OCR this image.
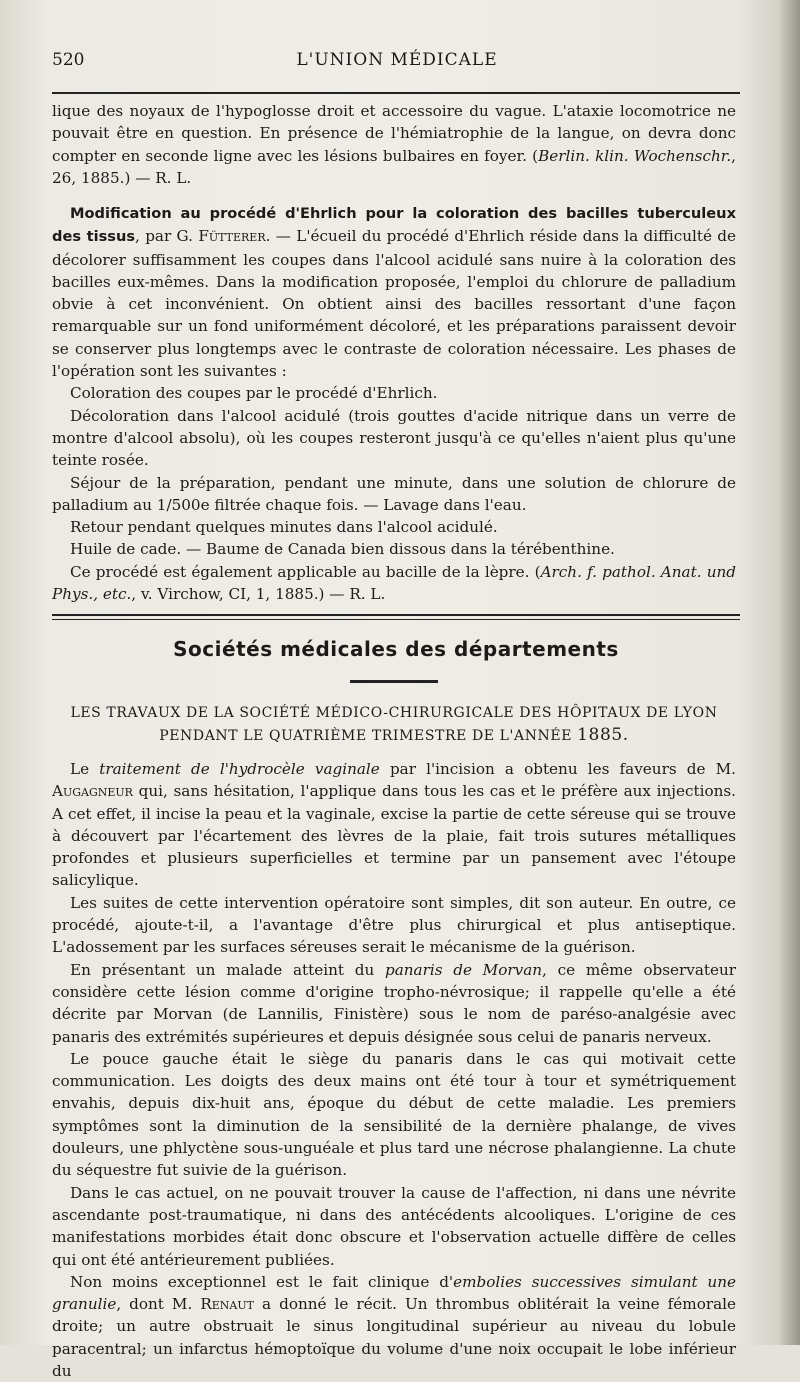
520	L'UNION MÉDICALE

lique des noyaux de l'hypoglosse droit et accessoire du vague. L'ataxie locomotrice ne pouvait être en question. En présence de l'hémiatrophie de la langue, on devra donc compter en seconde ligne avec les lésions bulbaires en foyer. (Berlin. klin. Wochenschr., 26, 1885.) — R. L.

Modification au procédé d'Ehrlich pour la coloration des bacilles tuberculeux des tissus, par G. Fütterer. — L'écueil du procédé d'Ehrlich réside dans la difficulté de décolorer suffisamment les coupes dans l'alcool acidulé sans nuire à la coloration des bacilles eux-mêmes. Dans la modification proposée, l'emploi du chlorure de palladium obvie à cet inconvénient. On obtient ainsi des bacilles ressortant d'une façon remarquable sur un fond uniformément décoloré, et les préparations paraissent devoir se conserver plus longtemps avec le contraste de coloration nécessaire. Les phases de l'opération sont les suivantes :

Coloration des coupes par le procédé d'Ehrlich.

Décoloration dans l'alcool acidulé (trois gouttes d'acide nitrique dans un verre de montre d'alcool absolu), où les coupes resteront jusqu'à ce qu'elles n'aient plus qu'une teinte rosée.

Séjour de la préparation, pendant une minute, dans une solution de chlorure de palladium au 1/500e filtrée chaque fois. — Lavage dans l'eau.

Retour pendant quelques minutes dans l'alcool acidulé.

Huile de cade. — Baume de Canada bien dissous dans la térébenthine.

Ce procédé est également applicable au bacille de la lèpre. (Arch. f. pathol. Anat. und Phys., etc., v. Virchow, CI, 1, 1885.) — R. L.

Sociétés médicales des départements
LES TRAVAUX DE LA SOCIÉTÉ MÉDICO-CHIRURGICALE DES HÔPITAUX DE LYON
PENDANT LE QUATRIÈME TRIMESTRE DE L'ANNÉE 1885.

Le traitement de l'hydrocèle vaginale par l'incision a obtenu les faveurs de M. Augagneur qui, sans hésitation, l'applique dans tous les cas et le préfère aux injections. A cet effet, il incise la peau et la vaginale, excise la partie de cette séreuse qui se trouve à découvert par l'écartement des lèvres de la plaie, fait trois sutures métalliques profondes et plusieurs superficielles et termine par un pansement avec l'étoupe salicylique.

Les suites de cette intervention opératoire sont simples, dit son auteur. En outre, ce procédé, ajoute-t-il, a l'avantage d'être plus chirurgical et plus antiseptique. L'adossement par les surfaces séreuses serait le mécanisme de la guérison.

En présentant un malade atteint du panaris de Morvan, ce même observateur considère cette lésion comme d'origine tropho-névrosique; il rappelle qu'elle a été décrite par Morvan (de Lannilis, Finistère) sous le nom de paréso-analgésie avec panaris des extrémités supérieures et depuis désignée sous celui de panaris nerveux.

Le pouce gauche était le siège du panaris dans le cas qui motivait cette communication. Les doigts des deux mains ont été tour à tour et symétriquement envahis, depuis dix-huit ans, époque du début de cette maladie. Les premiers symptômes sont la diminution de la sensibilité de la dernière phalange, de vives douleurs, une phlyctène sous-unguéale et plus tard une nécrose phalangienne. La chute du séquestre fut suivie de la guérison.

Dans le cas actuel, on ne pouvait trouver la cause de l'affection, ni dans une névrite ascendante post-traumatique, ni dans des antécédents alcooliques. L'origine de ces manifestations morbides était donc obscure et l'observation actuelle diffère de celles qui ont été antérieurement publiées.

Non moins exceptionnel est le fait clinique d'embolies successives simulant une granulie, dont M. Renaut a donné le récit. Un thrombus oblitérait la veine fémorale droite; un autre obstruait le sinus longitudinal supérieur au niveau du lobule paracentral; un infarctus hémoptoïque du volume d'une noix occupait le lobe inférieur du
